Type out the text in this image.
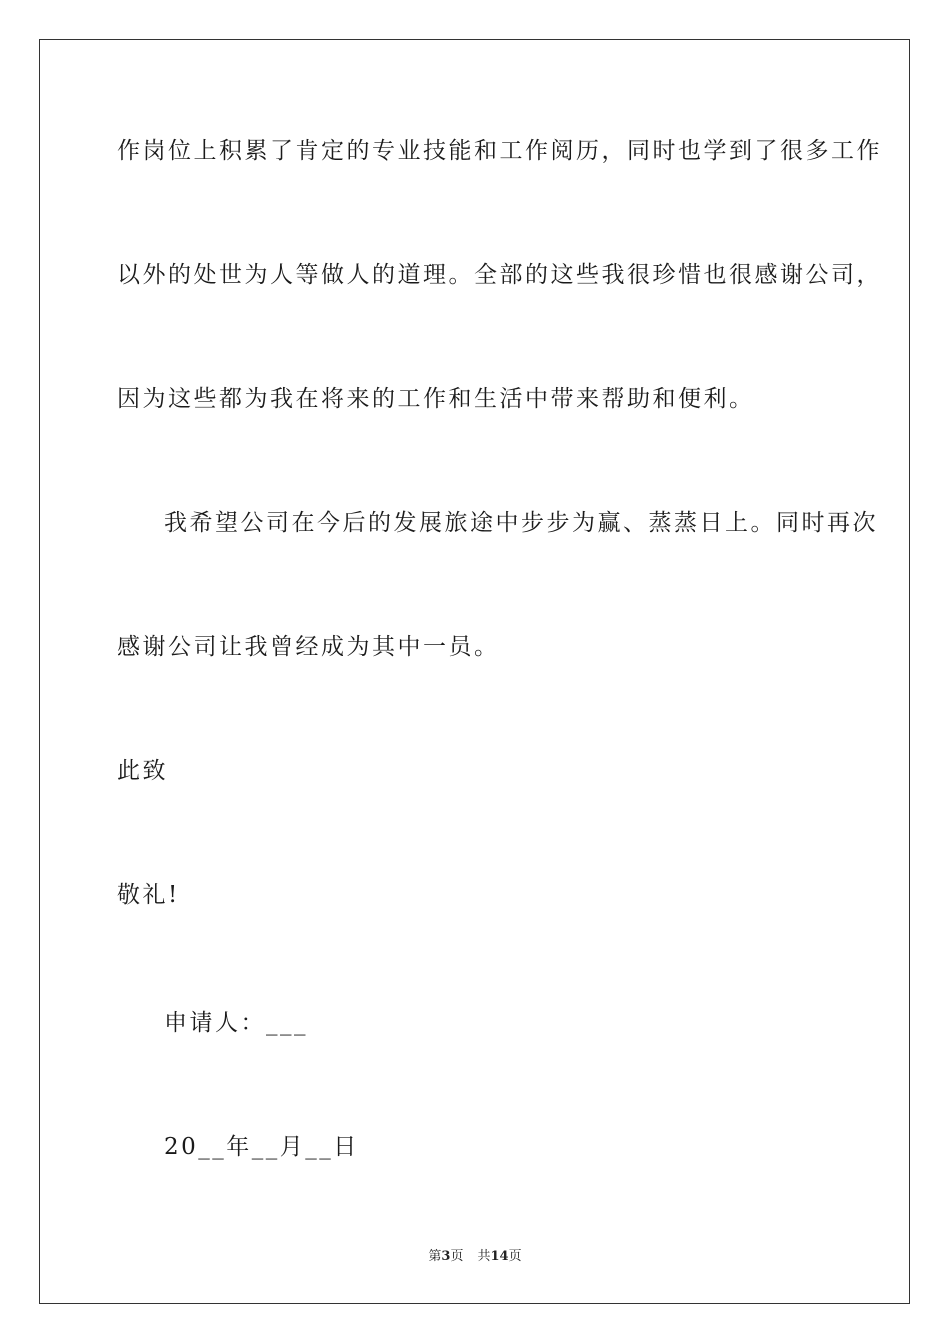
作岗位上积累了肯定的专业技能和工作阅历，同时也学到了很多工作
以外的处世为人等做人的道理。全部的这些我很珍惜也很感谢公司，
因为这些都为我在将来的工作和生活中带来帮助和便利。
我希望公司在今后的发展旅途中步步为赢、蒸蒸日上。同时再次
感谢公司让我曾经成为其中一员。
此致
敬礼!
申请人：___
20__年__月__日
第3页 共14页
